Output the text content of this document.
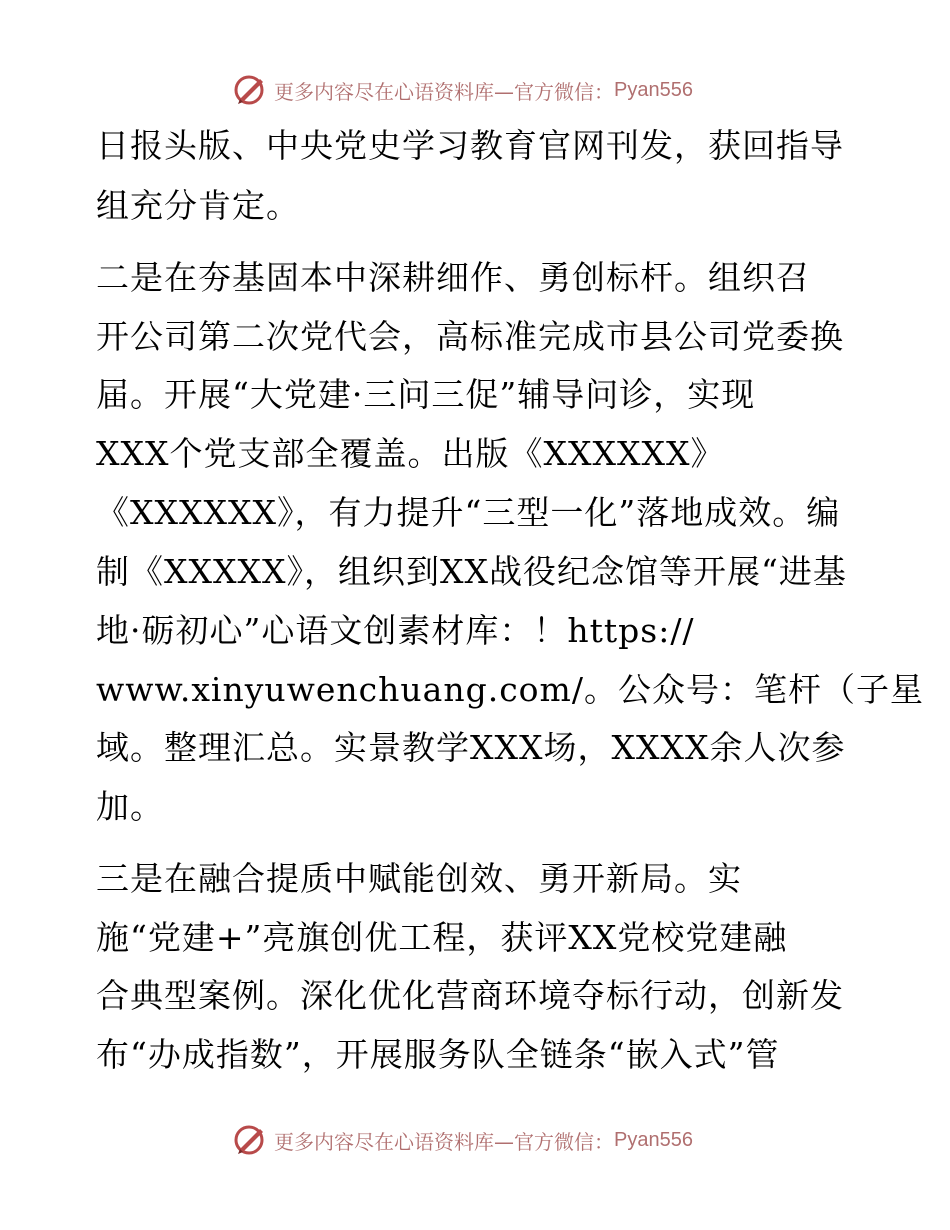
更多内容尽在心语资料库—官方微信： Pyan556
日报头版、中央党史学习教育官网刊发，获回指导
组充分肯定。
二是在夯基固本中深耕细作、勇创标杆。组织召
开公司第二次党代会，高标准完成市县公司党委换
届。开展“大党建·三问三促”辅导问诊，实现
XXX个党支部全覆盖。出版《XXXXXX》
《XXXXXX》，有力提升“三型一化”落地成效。编
制《XXXXX》，组织到XX战役纪念馆等开展“进基
地·砺初心”心语文创素材库：！https://
www.xinyuwenchuang.com/。公众号：笔杆（子星
域。整理汇总。实景教学XXX场，XXXX余人次参
加。
三是在融合提质中赋能创效、勇开新局。实
施“党建+”亮旗创优工程，获评XX党校党建融
合典型案例。深化优化营商环境夺标行动，创新发
布“办成指数”，开展服务队全链条“嵌入式”管
更多内容尽在心语资料库—官方微信： Pyan556
